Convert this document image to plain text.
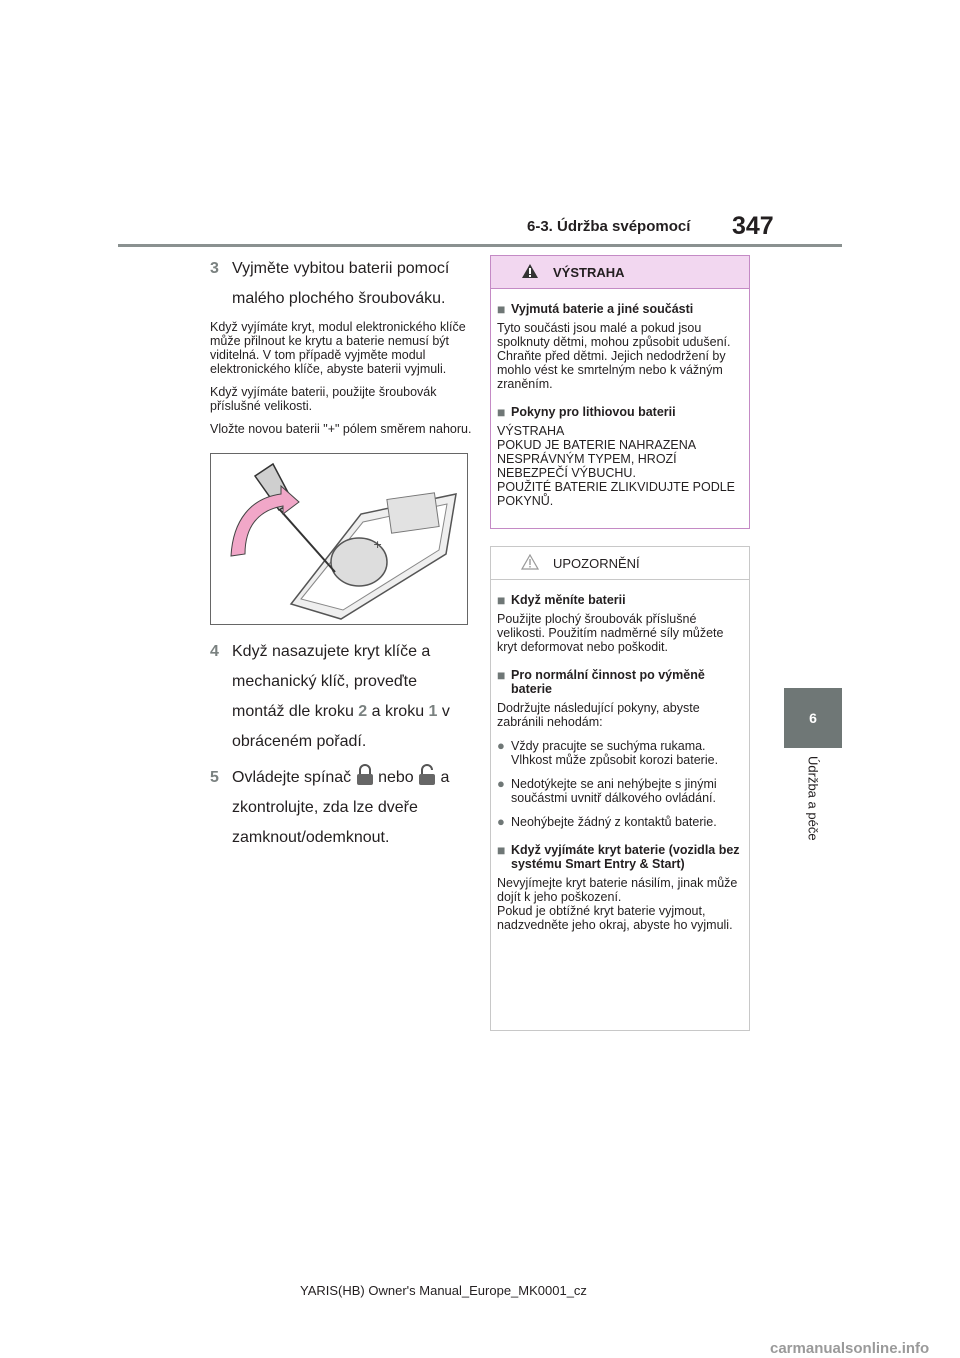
6-3. Údržba svépomocí 347
6
Údržba a péče
3 Vyjměte vybitou baterii pomocí malého plochého šroubováku.
Když vyjímáte kryt, modul elektronického klíče může přilnout ke krytu a baterie nemusí být viditelná. V tom případě vyjměte modul elektronického klíče, abyste baterii vyjmuli.
Když vyjímáte baterii, použijte šroubovák příslušné velikosti.
Vložte novou baterii "+" pólem směrem nahoru.
+
4 Když nasazujete kryt klíče a mechanický klíč, proveďte montáž dle kroku 2 a kroku 1 v obráceném pořadí.
5 Ovládejte spínač  nebo  a zkontrolujte, zda lze dveře zamknout/odemknout.
VÝSTRAHA
■ Vyjmutá baterie a jiné součásti
Tyto součásti jsou malé a pokud jsou spolknuty dětmi, mohou způsobit udušení. Chraňte před dětmi. Jejich nedodržení by mohlo vést ke smrtelným nebo k vážným zraněním.
■ Pokyny pro lithiovou baterii
VÝSTRAHA
POKUD JE BATERIE NAHRAZENA NESPRÁVNÝM TYPEM, HROZÍ NEBEZPEČÍ VÝBUCHU.
POUŽITÉ BATERIE ZLIKVIDUJTE PODLE POKYNŮ.
UPOZORNĚNÍ
■ Když měníte baterii
Použijte plochý šroubovák příslušné velikosti. Použitím nadměrné síly můžete kryt deformovat nebo poškodit.
■ Pro normální činnost po výměně baterie
Dodržujte následující pokyny, abyste zabránili nehodám:
● Vždy pracujte se suchýma rukama. Vlhkost může způsobit korozi baterie.
● Nedotýkejte se ani nehýbejte s jinými součástmi uvnitř dálkového ovládání.
● Neohýbejte žádný z kontaktů baterie.
■ Když vyjímáte kryt baterie (vozidla bez systému Smart Entry & Start)
Nevyjímejte kryt baterie násilím, jinak může dojít k jeho poškození.
Pokud je obtížné kryt baterie vyjmout, nadzvedněte jeho okraj, abyste ho vyjmuli.
YARIS(HB) Owner's Manual_Europe_MK0001_cz
carmanualsonline.info
